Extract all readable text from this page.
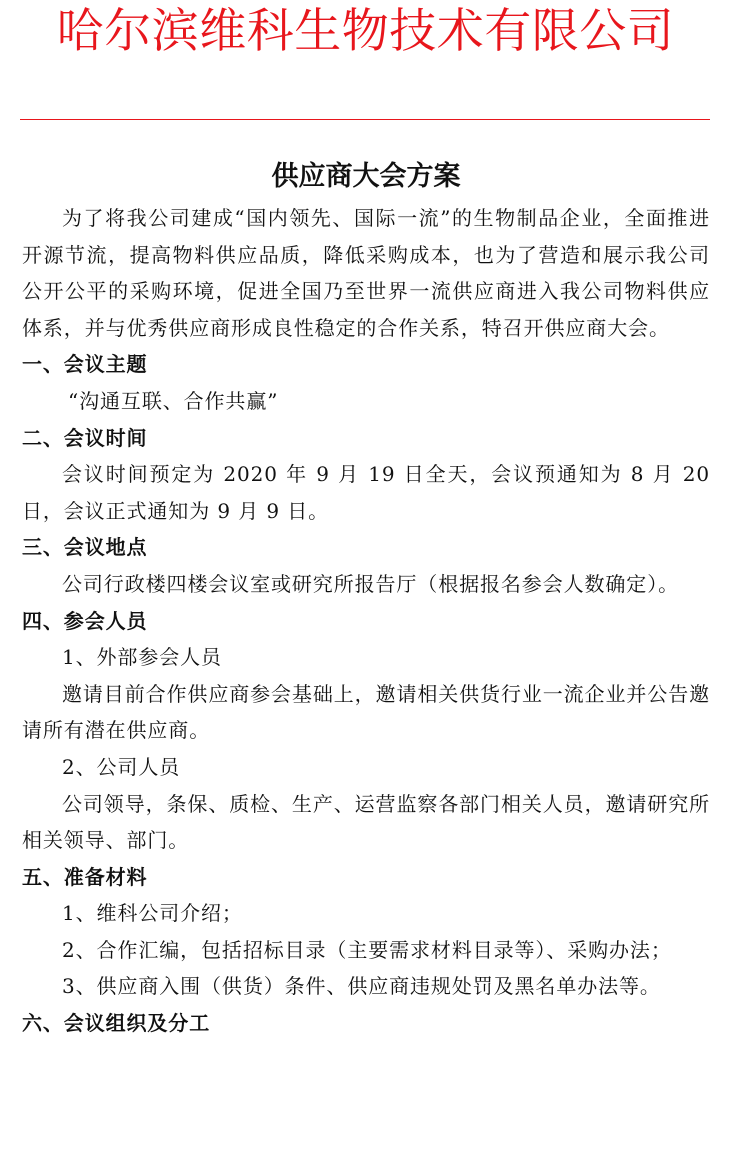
哈尔滨维科生物技术有限公司
供应商大会方案

为了将我公司建成“国内领先、国际一流”的生物制品企业，全面推进开源节流，提高物料供应品质，降低采购成本，也为了营造和展示我公司公开公平的采购环境，促进全国乃至世界一流供应商进入我公司物料供应体系，并与优秀供应商形成良性稳定的合作关系，特召开供应商大会。

一、会议主题

“沟通互联、合作共赢”

二、会议时间

会议时间预定为 2020 年 9 月 19 日全天，会议预通知为 8 月 20 日，会议正式通知为 9 月 9 日。

三、会议地点

公司行政楼四楼会议室或研究所报告厅（根据报名参会人数确定）。

四、参会人员

1、外部参会人员

邀请目前合作供应商参会基础上，邀请相关供货行业一流企业并公告邀请所有潜在供应商。

2、公司人员

公司领导，条保、质检、生产、运营监察各部门相关人员，邀请研究所相关领导、部门。

五、准备材料

1、维科公司介绍；

2、合作汇编，包括招标目录（主要需求材料目录等）、采购办法；

3、供应商入围（供货）条件、供应商违规处罚及黑名单办法等。

六、会议组织及分工
